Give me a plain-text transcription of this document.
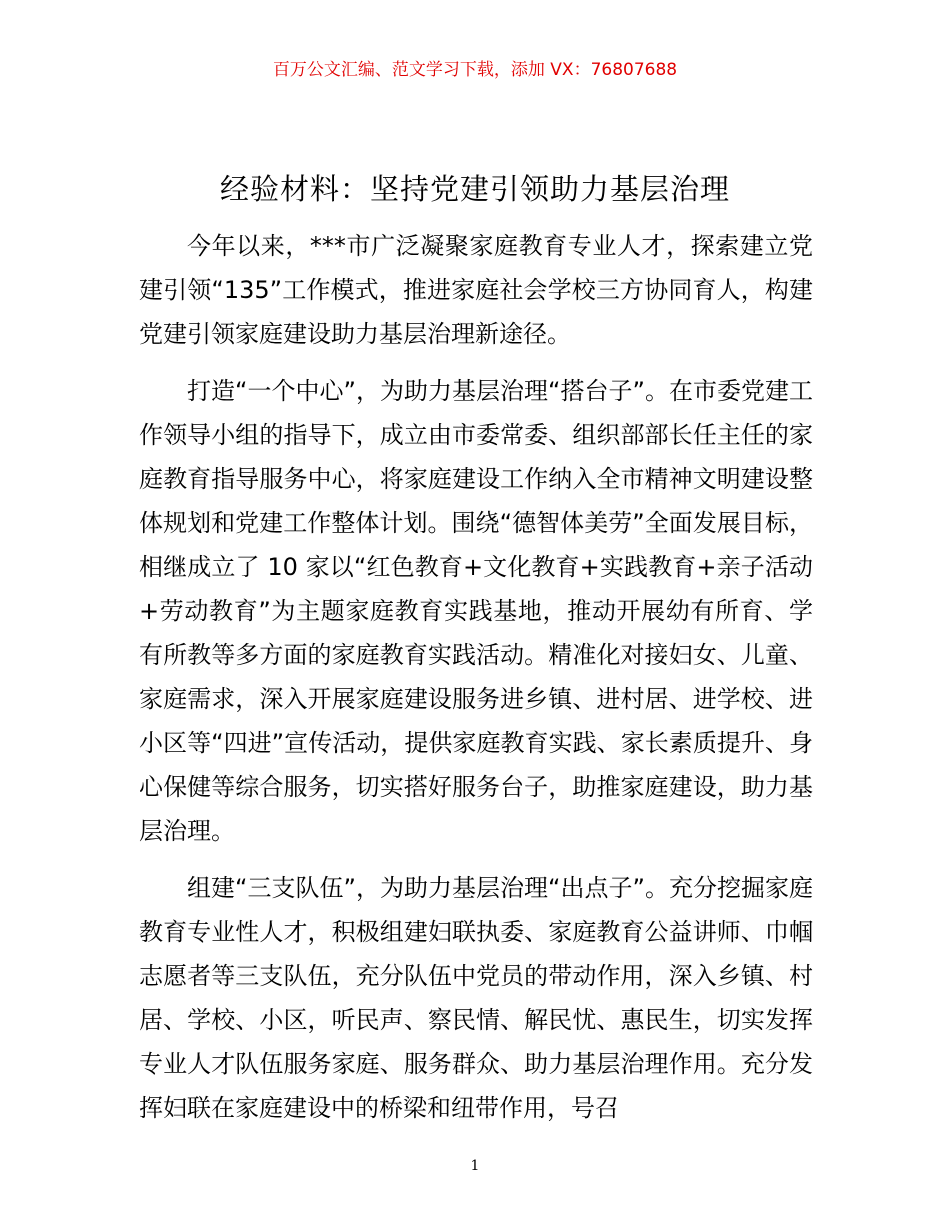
百万公文汇编、范文学习下载，添加 VX：76807688
经验材料：坚持党建引领助力基层治理

今年以来，***市广泛凝聚家庭教育专业人才，探索建立党建引领“135”工作模式，推进家庭社会学校三方协同育人，构建党建引领家庭建设助力基层治理新途径。

打造“一个中心”，为助力基层治理“搭台子”。在市委党建工作领导小组的指导下，成立由市委常委、组织部部长任主任的家庭教育指导服务中心，将家庭建设工作纳入全市精神文明建设整体规划和党建工作整体计划。围绕“德智体美劳”全面发展目标，相继成立了 10 家以“红色教育+文化教育+实践教育+亲子活动+劳动教育”为主题家庭教育实践基地，推动开展幼有所育、学有所教等多方面的家庭教育实践活动。精准化对接妇女、儿童、家庭需求，深入开展家庭建设服务进乡镇、进村居、进学校、进小区等“四进”宣传活动，提供家庭教育实践、家长素质提升、身心保健等综合服务，切实搭好服务台子，助推家庭建设，助力基层治理。

组建“三支队伍”，为助力基层治理“出点子”。充分挖掘家庭教育专业性人才，积极组建妇联执委、家庭教育公益讲师、巾帼志愿者等三支队伍，充分队伍中党员的带动作用，深入乡镇、村居、学校、小区，听民声、察民情、解民忧、惠民生，切实发挥专业人才队伍服务家庭、服务群众、助力基层治理作用。充分发挥妇联在家庭建设中的桥梁和纽带作用，号召

1
